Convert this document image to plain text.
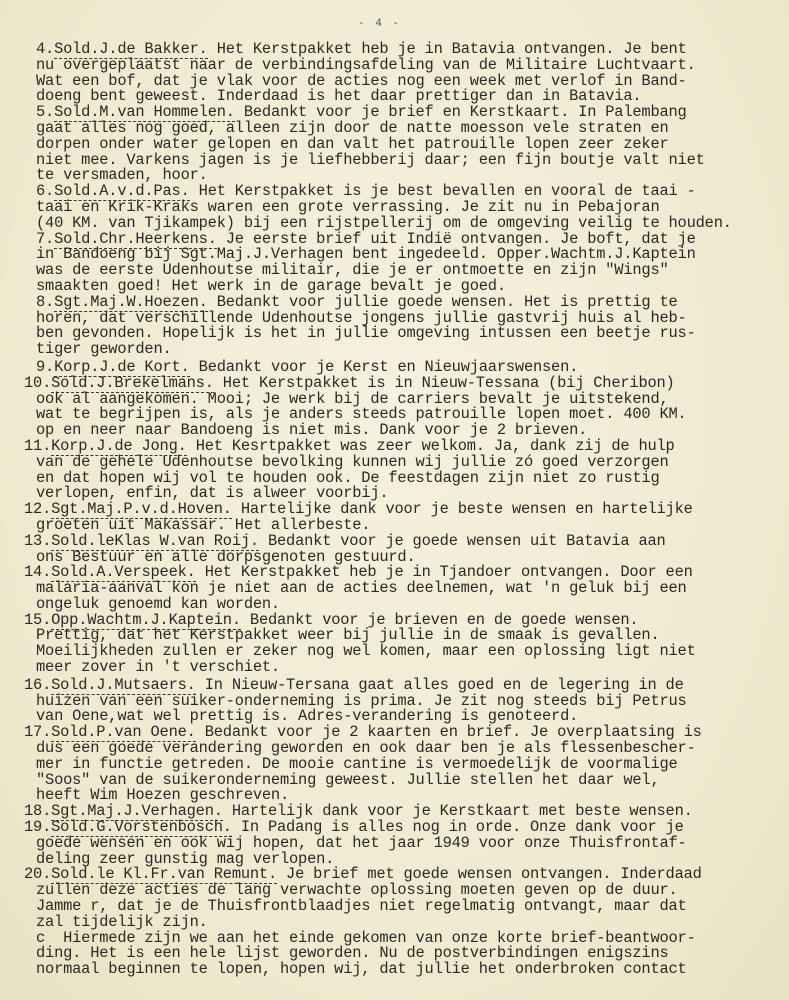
- 4 -
4.Sold.J.de Bakker. Het Kerstpakket heb je in Batavia ontvangen. Je bent
nu overgeplaatst naar de verbindingsafdeling van de Militaire Luchtvaart.
Wat een bof, dat je vlak voor de acties nog een week met verlof in Band-
doeng bent geweest. Inderdaad is het daar prettiger dan in Batavia.
5.Sold.M.van Hommelen. Bedankt voor je brief en Kerstkaart. In Palembang
gaat alles nog goed, alleen zijn door de natte moesson vele straten en
dorpen onder water gelopen en dan valt het patrouille lopen zeer zeker
niet mee. Varkens jagen is je liefhebberij daar; een fijn boutje valt niet
te versmaden, hoor.
6.Sold.A.v.d.Pas. Het Kerstpakket is je best bevallen en vooral de taai -
taai en Krik-Kraks waren een grote verrassing. Je zit nu in Pebajoran
(40 KM. van Tjikampek) bij een rijstpellerij om de omgeving veilig te houden.
7.Sold.Chr.Heerkens. Je eerste brief uit Indië ontvangen. Je boft, dat je
in Bandoeng bij Sgt.Maj.J.Verhagen bent ingedeeld. Opper.Wachtm.J.Kaptein
was de eerste Udenhoutse militair, die je er ontmoette en zijn "Wings"
smaakten goed! Het werk in de garage bevalt je goed.
8.Sgt.Maj.W.Hoezen. Bedankt voor jullie goede wensen. Het is prettig te
horen, dat verschillende Udenhoutse jongens jullie gastvrij huis al heb-
ben gevonden. Hopelijk is het in jullie omgeving intussen een beetje rus-
tiger geworden.
9.Korp.J.de Kort. Bedankt voor je Kerst en Nieuwjaarswensen.
10.Sold.J.Brekelmans. Het Kerstpakket is in Nieuw-Tessana (bij Cheribon)
ook al aangekomen. Mooi; Je werk bij de carriers bevalt je uitstekend,
wat te begrijpen is, als je anders steeds patrouille lopen moet. 400 KM.
op en neer naar Bandoeng is niet mis. Dank voor je 2 brieven.
11.Korp.J.de Jong. Het Kesrtpakket was zeer welkom. Ja, dank zij de hulp
van de gehele Udenhoutse bevolking kunnen wij jullie zó goed verzorgen
en dat hopen wij vol te houden ook. De feestdagen zijn niet zo rustig
verlopen, enfin, dat is alweer voorbij.
12.Sgt.Maj.P.v.d.Hoven. Hartelijke dank voor je beste wensen en hartelijke
groeten uit Makassar. Het allerbeste.
13.Sold.leKlas W.van Roij. Bedankt voor je goede wensen uit Batavia aan
ons Bestuur en alle dorpsgenoten gestuurd.
14.Sold.A.Verspeek. Het Kerstpakket heb je in Tjandoer ontvangen. Door een
malaria-aanval kon je niet aan de acties deelnemen, wat 'n geluk bij een
ongeluk genoemd kan worden.
15.Opp.Wachtm.J.Kaptein. Bedankt voor je brieven en de goede wensen.
Prettig, dat het Kerstpakket weer bij jullie in de smaak is gevallen.
Moeilijkheden zullen er zeker nog wel komen, maar een oplossing ligt niet
meer zover in 't verschiet.
16.Sold.J.Mutsaers. In Nieuw-Tersana gaat alles goed en de legering in de
huizen van een suiker-onderneming is prima. Je zit nog steeds bij Petrus
van Oene,wat wel prettig is. Adres-verandering is genoteerd.
17.Sold.P.van Oene. Bedankt voor je 2 kaarten en brief. Je overplaatsing is
dus een goede verandering geworden en ook daar ben je als flessenbescher-
mer in functie getreden. De mooie cantine is vermoedelijk de voormalige
"Soos" van de suikeronderneming geweest. Jullie stellen het daar wel,
heeft Wim Hoezen geschreven.
18.Sgt.Maj.J.Verhagen. Hartelijk dank voor je Kerstkaart met beste wensen.
19.Sold.G.Vorstenbosch. In Padang is alles nog in orde. Onze dank voor je
goede wensen en ook wij hopen, dat het jaar 1949 voor onze Thuisfrontaf-
deling zeer gunstig mag verlopen.
20.Sold.le Kl.Fr.van Remunt. Je brief met goede wensen ontvangen. Inderdaad
zullen deze acties de lang verwachte oplossing moeten geven op de duur.
Jamme r, dat je de Thuisfrontblaadjes niet regelmatig ontvangt, maar dat
zal tijdelijk zijn.
c  Hiermede zijn we aan het einde gekomen van onze korte brief-beantwoor-
ding. Het is een hele lijst geworden. Nu de postverbindingen enigszins
normaal beginnen te lopen, hopen wij, dat jullie het onderbroken contact
